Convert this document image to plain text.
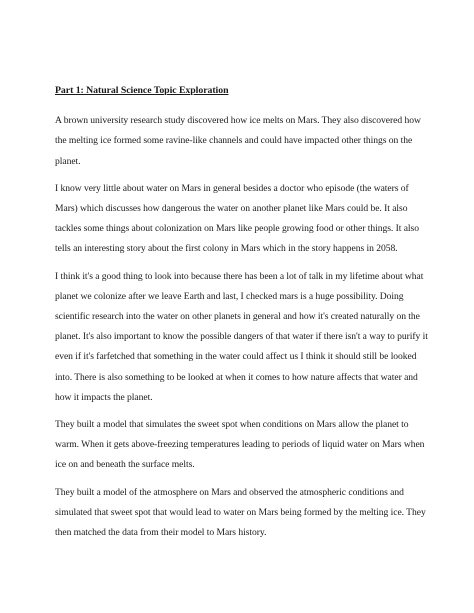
Part 1: Natural Science Topic Exploration

A brown university research study discovered how ice melts on Mars. They also discovered how the melting ice formed some ravine-like channels and could have impacted other things on the planet.

I know very little about water on Mars in general besides a doctor who episode (the waters of Mars) which discusses how dangerous the water on another planet like Mars could be. It also tackles some things about colonization on Mars like people growing food or other things. It also tells an interesting story about the first colony in Mars which in the story happens in 2058.

I think it's a good thing to look into because there has been a lot of talk in my lifetime about what planet we colonize after we leave Earth and last, I checked mars is a huge possibility. Doing scientific research into the water on other planets in general and how it's created naturally on the planet. It's also important to know the possible dangers of that water if there isn't a way to purify it even if it's farfetched that something in the water could affect us I think it should still be looked into. There is also something to be looked at when it comes to how nature affects that water and how it impacts the planet.

They built a model that simulates the sweet spot when conditions on Mars allow the planet to warm. When it gets above-freezing temperatures leading to periods of liquid water on Mars when ice on and beneath the surface melts.

They built a model of the atmosphere on Mars and observed the atmospheric conditions and simulated that sweet spot that would lead to water on Mars being formed by the melting ice. They then matched the data from their model to Mars history.
